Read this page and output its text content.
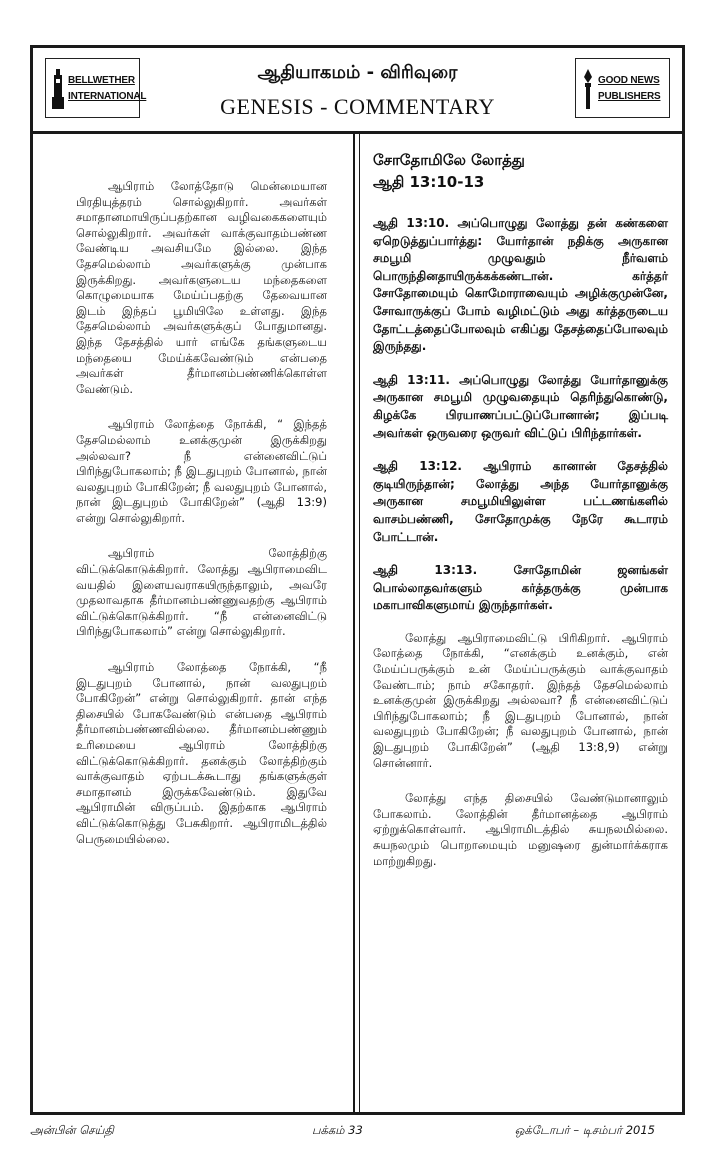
BELLWETHER
INTERNATIONAL
ஆதியாகமம் - விரிவுரை
GENESIS - COMMENTARY
GOOD NEWS
PUBLISHERS

ஆபிராம் லோத்தோடு மென்மையான பிரதியுத்தரம் சொல்லுகிறார். அவர்கள் சமாதானமாயிருப்பதற்கான வழிவகைகளையும் சொல்லுகிறார். அவர்கள் வாக்குவாதம்பண்ண வேண்டிய அவசியமே இல்லை. இந்த தேசமெல்லாம் அவர்களுக்கு முன்பாக இருக்கிறது. அவர்களுடைய மந்தைகளை கொழுமையாக மேய்ப்பதற்கு தேவையான இடம் இந்தப் பூமியிலே உள்ளது. இந்த தேசமெல்லாம் அவர்களுக்குப் போதுமானது. இந்த தேசத்தில் யார் எங்கே தங்களுடைய மந்தையை மேய்க்கவேண்டும் என்பதை அவர்கள் தீர்மானம்பண்ணிக்கொள்ள வேண்டும்.

ஆபிராம் லோத்தை நோக்கி, “ இந்தத் தேசமெல்லாம் உனக்குமுன் இருக்கிறது அல்லவா? நீ என்னைவிட்டுப் பிரிந்துபோகலாம்; நீ இடதுபுறம் போனால், நான் வலதுபுறம் போகிறேன்; நீ வலதுபுறம் போனால், நான் இடதுபுறம் போகிறேன்” (ஆதி 13:9) என்று சொல்லுகிறார்.

ஆபிராம் லோத்திற்கு விட்டுக்கொடுக்கிறார். லோத்து ஆபிராமைவிட வயதில் இளையவராகயிருந்தாலும், அவரே முதலாவதாக தீர்மானம்பண்ணுவதற்கு ஆபிராம் விட்டுக்கொடுக்கிறார். “நீ என்னைவிட்டு பிரிந்துபோகலாம்” என்று சொல்லுகிறார்.

ஆபிராம் லோத்தை நோக்கி, “நீ இடதுபுறம் போனால், நான் வலதுபுறம் போகிறேன்” என்று சொல்லுகிறார். தான் எந்த திசையில் போகவேண்டும் என்பதை ஆபிராம் தீர்மானம்பண்ணவில்லை. தீர்மானம்பண்ணும் உரிமையை ஆபிராம் லோத்திற்கு விட்டுக்கொடுக்கிறார். தனக்கும் லோத்திற்கும் வாக்குவாதம் ஏற்படக்கூடாது தங்களுக்குள் சமாதானம் இருக்கவேண்டும். இதுவே ஆபிராமின் விருப்பம். இதற்காக ஆபிராம் விட்டுக்கொடுத்து பேசுகிறார். ஆபிராமிடத்தில் பெருமையில்லை.

சோதோமிலே லோத்து
ஆதி 13:10-13

ஆதி 13:10. அப்பொழுது லோத்து தன் கண்களை ஏறெடுத்துப்பார்த்து: யோர்தான் நதிக்கு அருகான சமபூமி முழுவதும் நீர்வளம் பொருந்தினதாயிருக்கக்கண்டான். கர்த்தர் சோதோமையும் கொமோராவையும் அழிக்குமுன்னே, சோவாருக்குப் போம் வழிமட்டும் அது கர்த்தருடைய தோட்டத்தைப்போலவும் எகிப்து தேசத்தைப்போலவும் இருந்தது.

ஆதி 13:11. அப்பொழுது லோத்து யோர்தானுக்கு அருகான சமபூமி முழுவதையும் தெரிந்துகொண்டு, கிழக்கே பிரயாணப்பட்டுப்போனான்; இப்படி அவர்கள் ஒருவரை ஒருவர் விட்டுப் பிரிந்தார்கள்.

ஆதி 13:12. ஆபிராம் கானான் தேசத்தில் குடியிருந்தான்; லோத்து அந்த யோர்தானுக்கு அருகான சமபூமியிலுள்ள பட்டணங்களில் வாசம்பண்ணி, சோதோமுக்கு நேரே கூடாரம் போட்டான்.

ஆதி 13:13. சோதோமின் ஜனங்கள் பொல்லாதவர்களும் கர்த்தருக்கு முன்பாக மகாபாவிகளுமாய் இருந்தார்கள்.

லோத்து ஆபிராமைவிட்டு பிரிகிறார். ஆபிராம் லோத்தை நோக்கி, “எனக்கும் உனக்கும், என் மேய்ப்பருக்கும் உன் மேய்ப்பருக்கும் வாக்குவாதம் வேண்டாம்; நாம் சகோதரர். இந்தத் தேசமெல்லாம் உனக்குமுன் இருக்கிறது அல்லவா? நீ என்னைவிட்டுப் பிரிந்துபோகலாம்; நீ இடதுபுறம் போனால், நான் வலதுபுறம் போகிறேன்; நீ வலதுபுறம் போனால், நான் இடதுபுறம் போகிறேன்” (ஆதி 13:8,9) என்று சொன்னார்.

லோத்து எந்த திசையில் வேண்டுமானாலும் போகலாம். லோத்தின் தீர்மானத்தை ஆபிராம் ஏற்றுக்கொள்வார். ஆபிராமிடத்தில் சுயநலமில்லை. சுயநலமும் பொறாமையும் மனுஷரை துன்மார்க்கராக மாற்றுகிறது.

அன்பின் செய்தி	பக்கம் 33	ஒக்டோபர் – டிசம்பர் 2015
